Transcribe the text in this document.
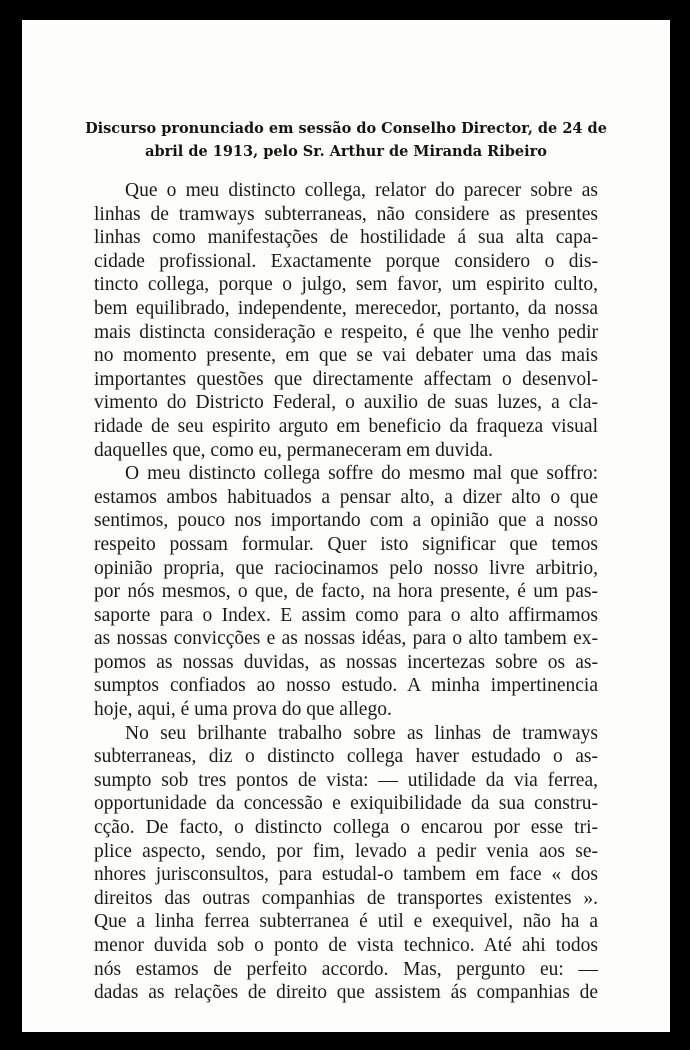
Discurso pronunciado em sessão do Conselho Director, de 24 de
abril de 1913, pelo Sr. Arthur de Miranda Ribeiro
Que o meu distincto collega, relator do parecer sobre as
linhas de tramways subterraneas, não considere as presentes
linhas como manifestações de hostilidade á sua alta capa-
cidade profissional. Exactamente porque considero o dis-
tincto collega, porque o julgo, sem favor, um espirito culto,
bem equilibrado, independente, merecedor, portanto, da nossa
mais distincta consideração e respeito, é que lhe venho pedir
no momento presente, em que se vai debater uma das mais
importantes questões que directamente affectam o desenvol-
vimento do Districto Federal, o auxilio de suas luzes, a cla-
ridade de seu espirito arguto em beneficio da fraqueza visual
daquelles que, como eu, permaneceram em duvida.
O meu distincto collega soffre do mesmo mal que soffro:
estamos ambos habituados a pensar alto, a dizer alto o que
sentimos, pouco nos importando com a opinião que a nosso
respeito possam formular. Quer isto significar que temos
opinião propria, que raciocinamos pelo nosso livre arbitrio,
por nós mesmos, o que, de facto, na hora presente, é um pas-
saporte para o Index. E assim como para o alto affirmamos
as nossas convicções e as nossas idéas, para o alto tambem ex-
pomos as nossas duvidas, as nossas incertezas sobre os as-
sumptos confiados ao nosso estudo. A minha impertinencia
hoje, aqui, é uma prova do que allego.
No seu brilhante trabalho sobre as linhas de tramways
subterraneas, diz o distincto collega haver estudado o as-
sumpto sob tres pontos de vista: — utilidade da via ferrea,
opportunidade da concessão e exiquibilidade da sua constru-
cção. De facto, o distincto collega o encarou por esse tri-
plice aspecto, sendo, por fim, levado a pedir venia aos se-
nhores jurisconsultos, para estudal-o tambem em face « dos
direitos das outras companhias de transportes existentes ».
Que a linha ferrea subterranea é util e exequivel, não ha a
menor duvida sob o ponto de vista technico. Até ahi todos
nós estamos de perfeito accordo. Mas, pergunto eu: —
dadas as relações de direito que assistem ás companhias de
